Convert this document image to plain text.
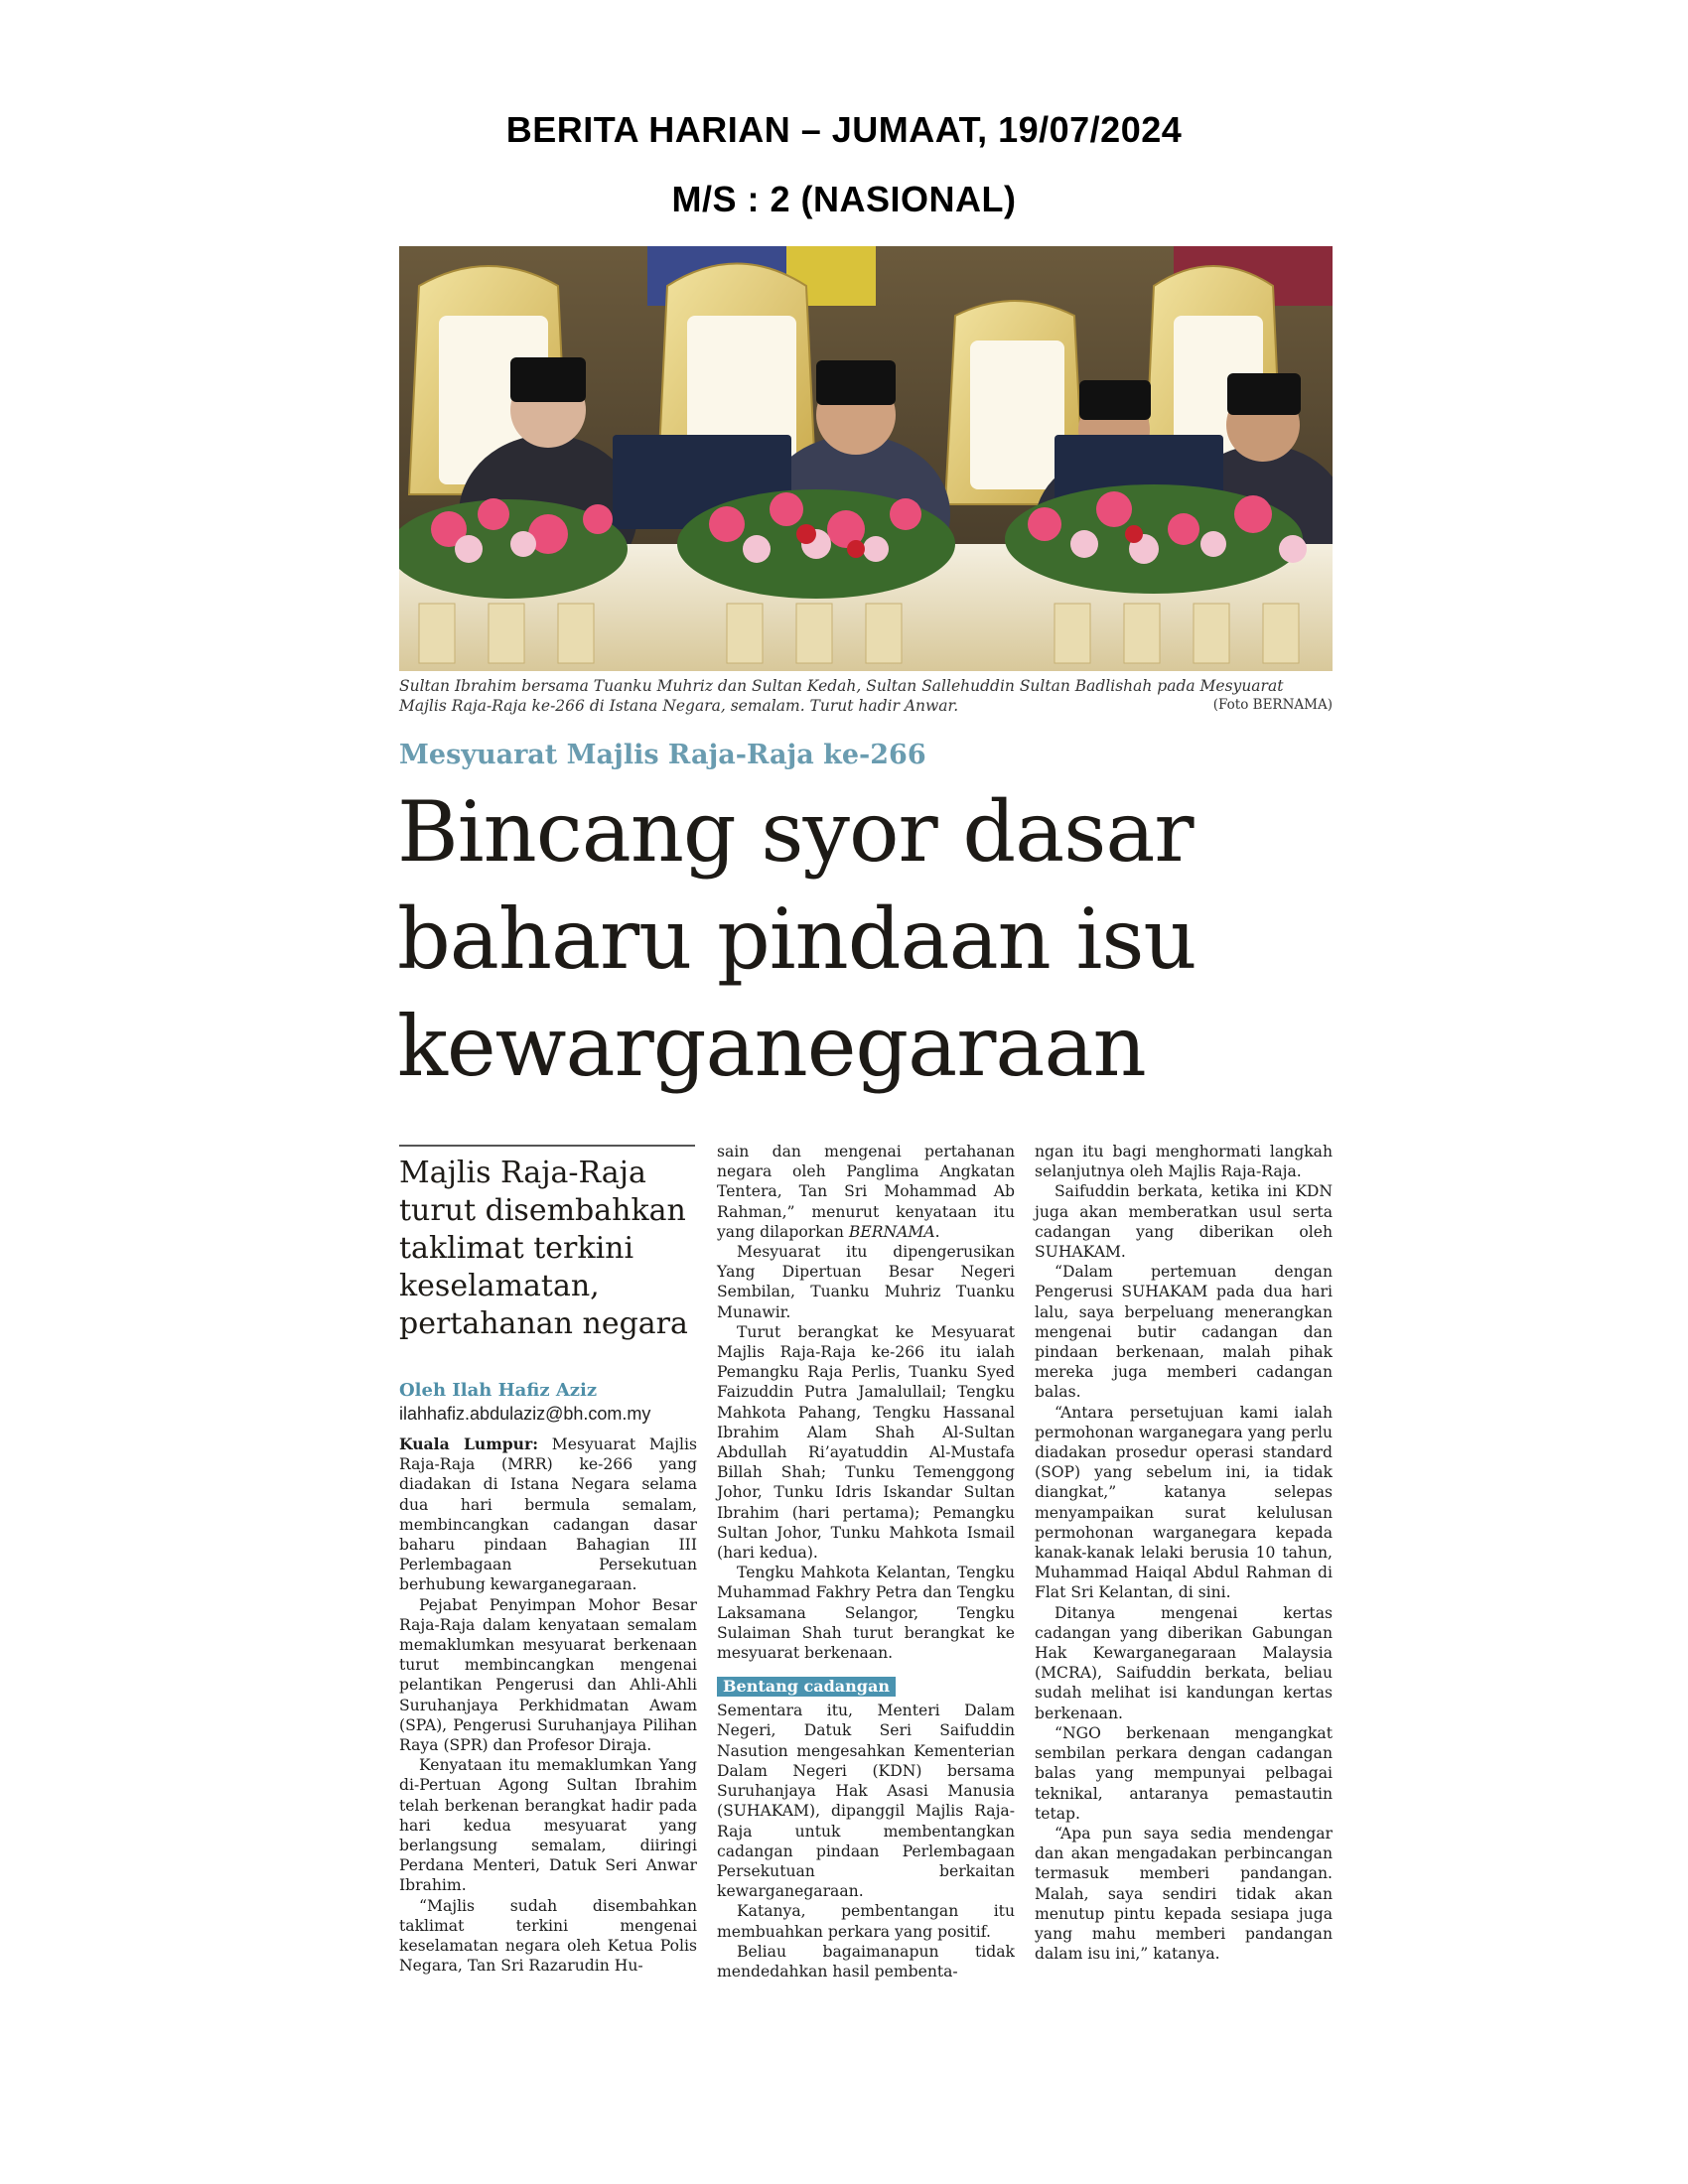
BERITA HARIAN – JUMAAT, 19/07/2024
M/S : 2 (NASIONAL)
Sultan Ibrahim bersama Tuanku Muhriz dan Sultan Kedah, Sultan Sallehuddin Sultan Badlishah pada Mesyuarat Majlis Raja-Raja ke-266 di Istana Negara, semalam. Turut hadir Anwar.	(Foto BERNAMA)
Mesyuarat Majlis Raja-Raja ke-266
Bincang syor dasar
baharu pindaan isu
kewarganegaraan
Majlis Raja-Raja turut disembahkan taklimat terkini keselamatan, pertahanan negara
Oleh Ilah Hafiz Aziz
ilahhafiz.abdulaziz@bh.com.my

Kuala Lumpur: Mesyuarat Majlis Raja-Raja (MRR) ke-266 yang diadakan di Istana Negara selama dua hari bermula semalam, membincangkan cadangan dasar baharu pindaan Bahagian III Perlembagaan Persekutuan berhubung kewarganegaraan.

Pejabat Penyimpan Mohor Besar Raja-Raja dalam kenyataan semalam memaklumkan mesyuarat berkenaan turut membincangkan mengenai pelantikan Pengerusi dan Ahli-Ahli Suruhanjaya Perkhidmatan Awam (SPA), Pengerusi Suruhanjaya Pilihan Raya (SPR) dan Profesor Diraja.

Kenyataan itu memaklumkan Yang di-Pertuan Agong Sultan Ibrahim telah berkenan berangkat hadir pada hari kedua mesyuarat yang berlangsung semalam, diiringi Perdana Menteri, Datuk Seri Anwar Ibrahim.

“Majlis sudah disembahkan taklimat terkini mengenai keselamatan negara oleh Ketua Polis Negara, Tan Sri Razarudin Hu-

sain dan mengenai pertahanan negara oleh Panglima Angkatan Tentera, Tan Sri Mohammad Ab Rahman,” menurut kenyataan itu yang dilaporkan BERNAMA.

Mesyuarat itu dipengerusikan Yang Dipertuan Besar Negeri Sembilan, Tuanku Muhriz Tuanku Munawir.

Turut berangkat ke Mesyuarat Majlis Raja-Raja ke-266 itu ialah Pemangku Raja Perlis, Tuanku Syed Faizuddin Putra Jamalullail; Tengku Mahkota Pahang, Tengku Hassanal Ibrahim Alam Shah Al-Sultan Abdullah Ri’ayatuddin Al-Mustafa Billah Shah; Tunku Temenggong Johor, Tunku Idris Iskandar Sultan Ibrahim (hari pertama); Pemangku Sultan Johor, Tunku Mahkota Ismail (hari kedua).

Tengku Mahkota Kelantan, Tengku Muhammad Fakhry Petra dan Tengku Laksamana Selangor, Tengku Sulaiman Shah turut berangkat ke mesyuarat berkenaan.

Bentang cadangan

Sementara itu, Menteri Dalam Negeri, Datuk Seri Saifuddin Nasution mengesahkan Kementerian Dalam Negeri (KDN) bersama Suruhanjaya Hak Asasi Manusia (SUHAKAM), dipanggil Majlis Raja-Raja untuk membentangkan cadangan pindaan Perlembagaan Persekutuan berkaitan kewarganegaraan.

Katanya, pembentangan itu membuahkan perkara yang positif.

Beliau bagaimanapun tidak mendedahkan hasil pembenta-

ngan itu bagi menghormati langkah selanjutnya oleh Majlis Raja-Raja.

Saifuddin berkata, ketika ini KDN juga akan memberatkan usul serta cadangan yang diberikan oleh SUHAKAM.

“Dalam pertemuan dengan Pengerusi SUHAKAM pada dua hari lalu, saya berpeluang menerangkan mengenai butir cadangan dan pindaan berkenaan, malah pihak mereka juga memberi cadangan balas.

“Antara persetujuan kami ialah permohonan warganegara yang perlu diadakan prosedur operasi standard (SOP) yang sebelum ini, ia tidak diangkat,” katanya selepas menyampaikan surat kelulusan permohonan warganegara kepada kanak-kanak lelaki berusia 10 tahun, Muhammad Haiqal Abdul Rahman di Flat Sri Kelantan, di sini.

Ditanya mengenai kertas cadangan yang diberikan Gabungan Hak Kewarganegaraan Malaysia (MCRA), Saifuddin berkata, beliau sudah melihat isi kandungan kertas berkenaan.

“NGO berkenaan mengangkat sembilan perkara dengan cadangan balas yang mempunyai pelbagai teknikal, antaranya pemastautin tetap.

“Apa pun saya sedia mendengar dan akan mengadakan perbincangan termasuk memberi pandangan. Malah, saya sendiri tidak akan menutup pintu kepada sesiapa juga yang mahu memberi pandangan dalam isu ini,” katanya.
